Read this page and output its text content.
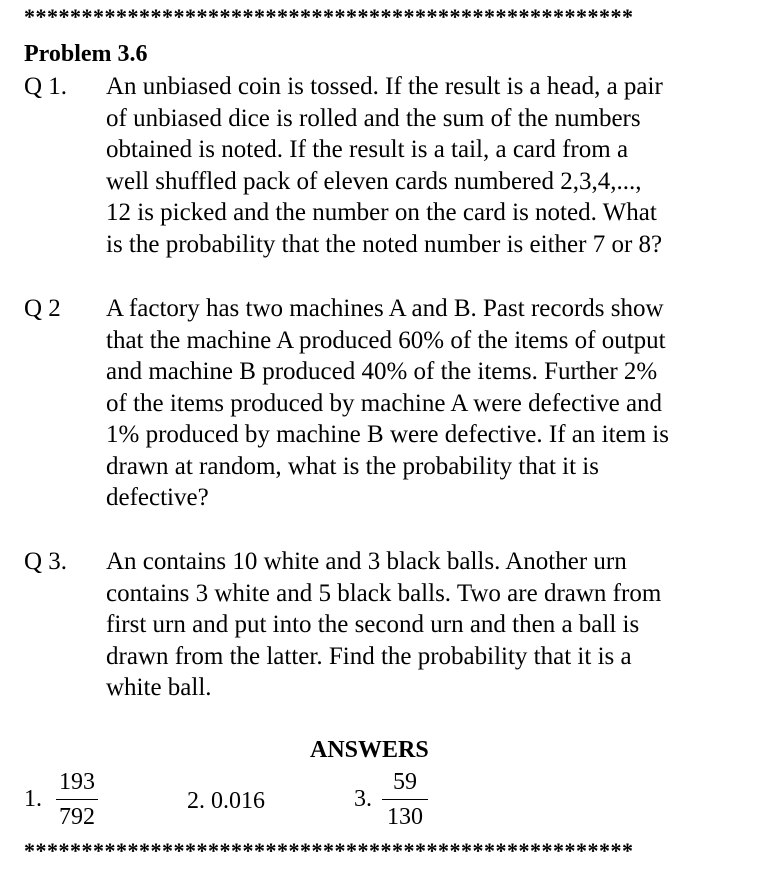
*****************************************************
Problem 3.6
Q 1. An unbiased coin is tossed. If the result is a head, a pair
of unbiased dice is rolled and the sum of the numbers
obtained is noted. If the result is a tail, a card from a
well shuffled pack of eleven cards numbered 2,3,4,...,
12 is picked and the number on the card is noted. What
is the probability that the noted number is either 7 or 8?
Q 2 A factory has two machines A and B. Past records show
that the machine A produced 60% of the items of output
and machine B produced 40% of the items. Further 2%
of the items produced by machine A were defective and
1% produced by machine B were defective. If an item is
drawn at random, what is the probability that it is
defective?
Q 3. An contains 10 white and 3 black balls. Another urn
contains 3 white and 5 black balls. Two are drawn from
first urn and put into the second urn and then a ball is
drawn from the latter. Find the probability that it is a
white ball.
ANSWERS
1.
193
792
2. 0.016	3.
59
130
*****************************************************
